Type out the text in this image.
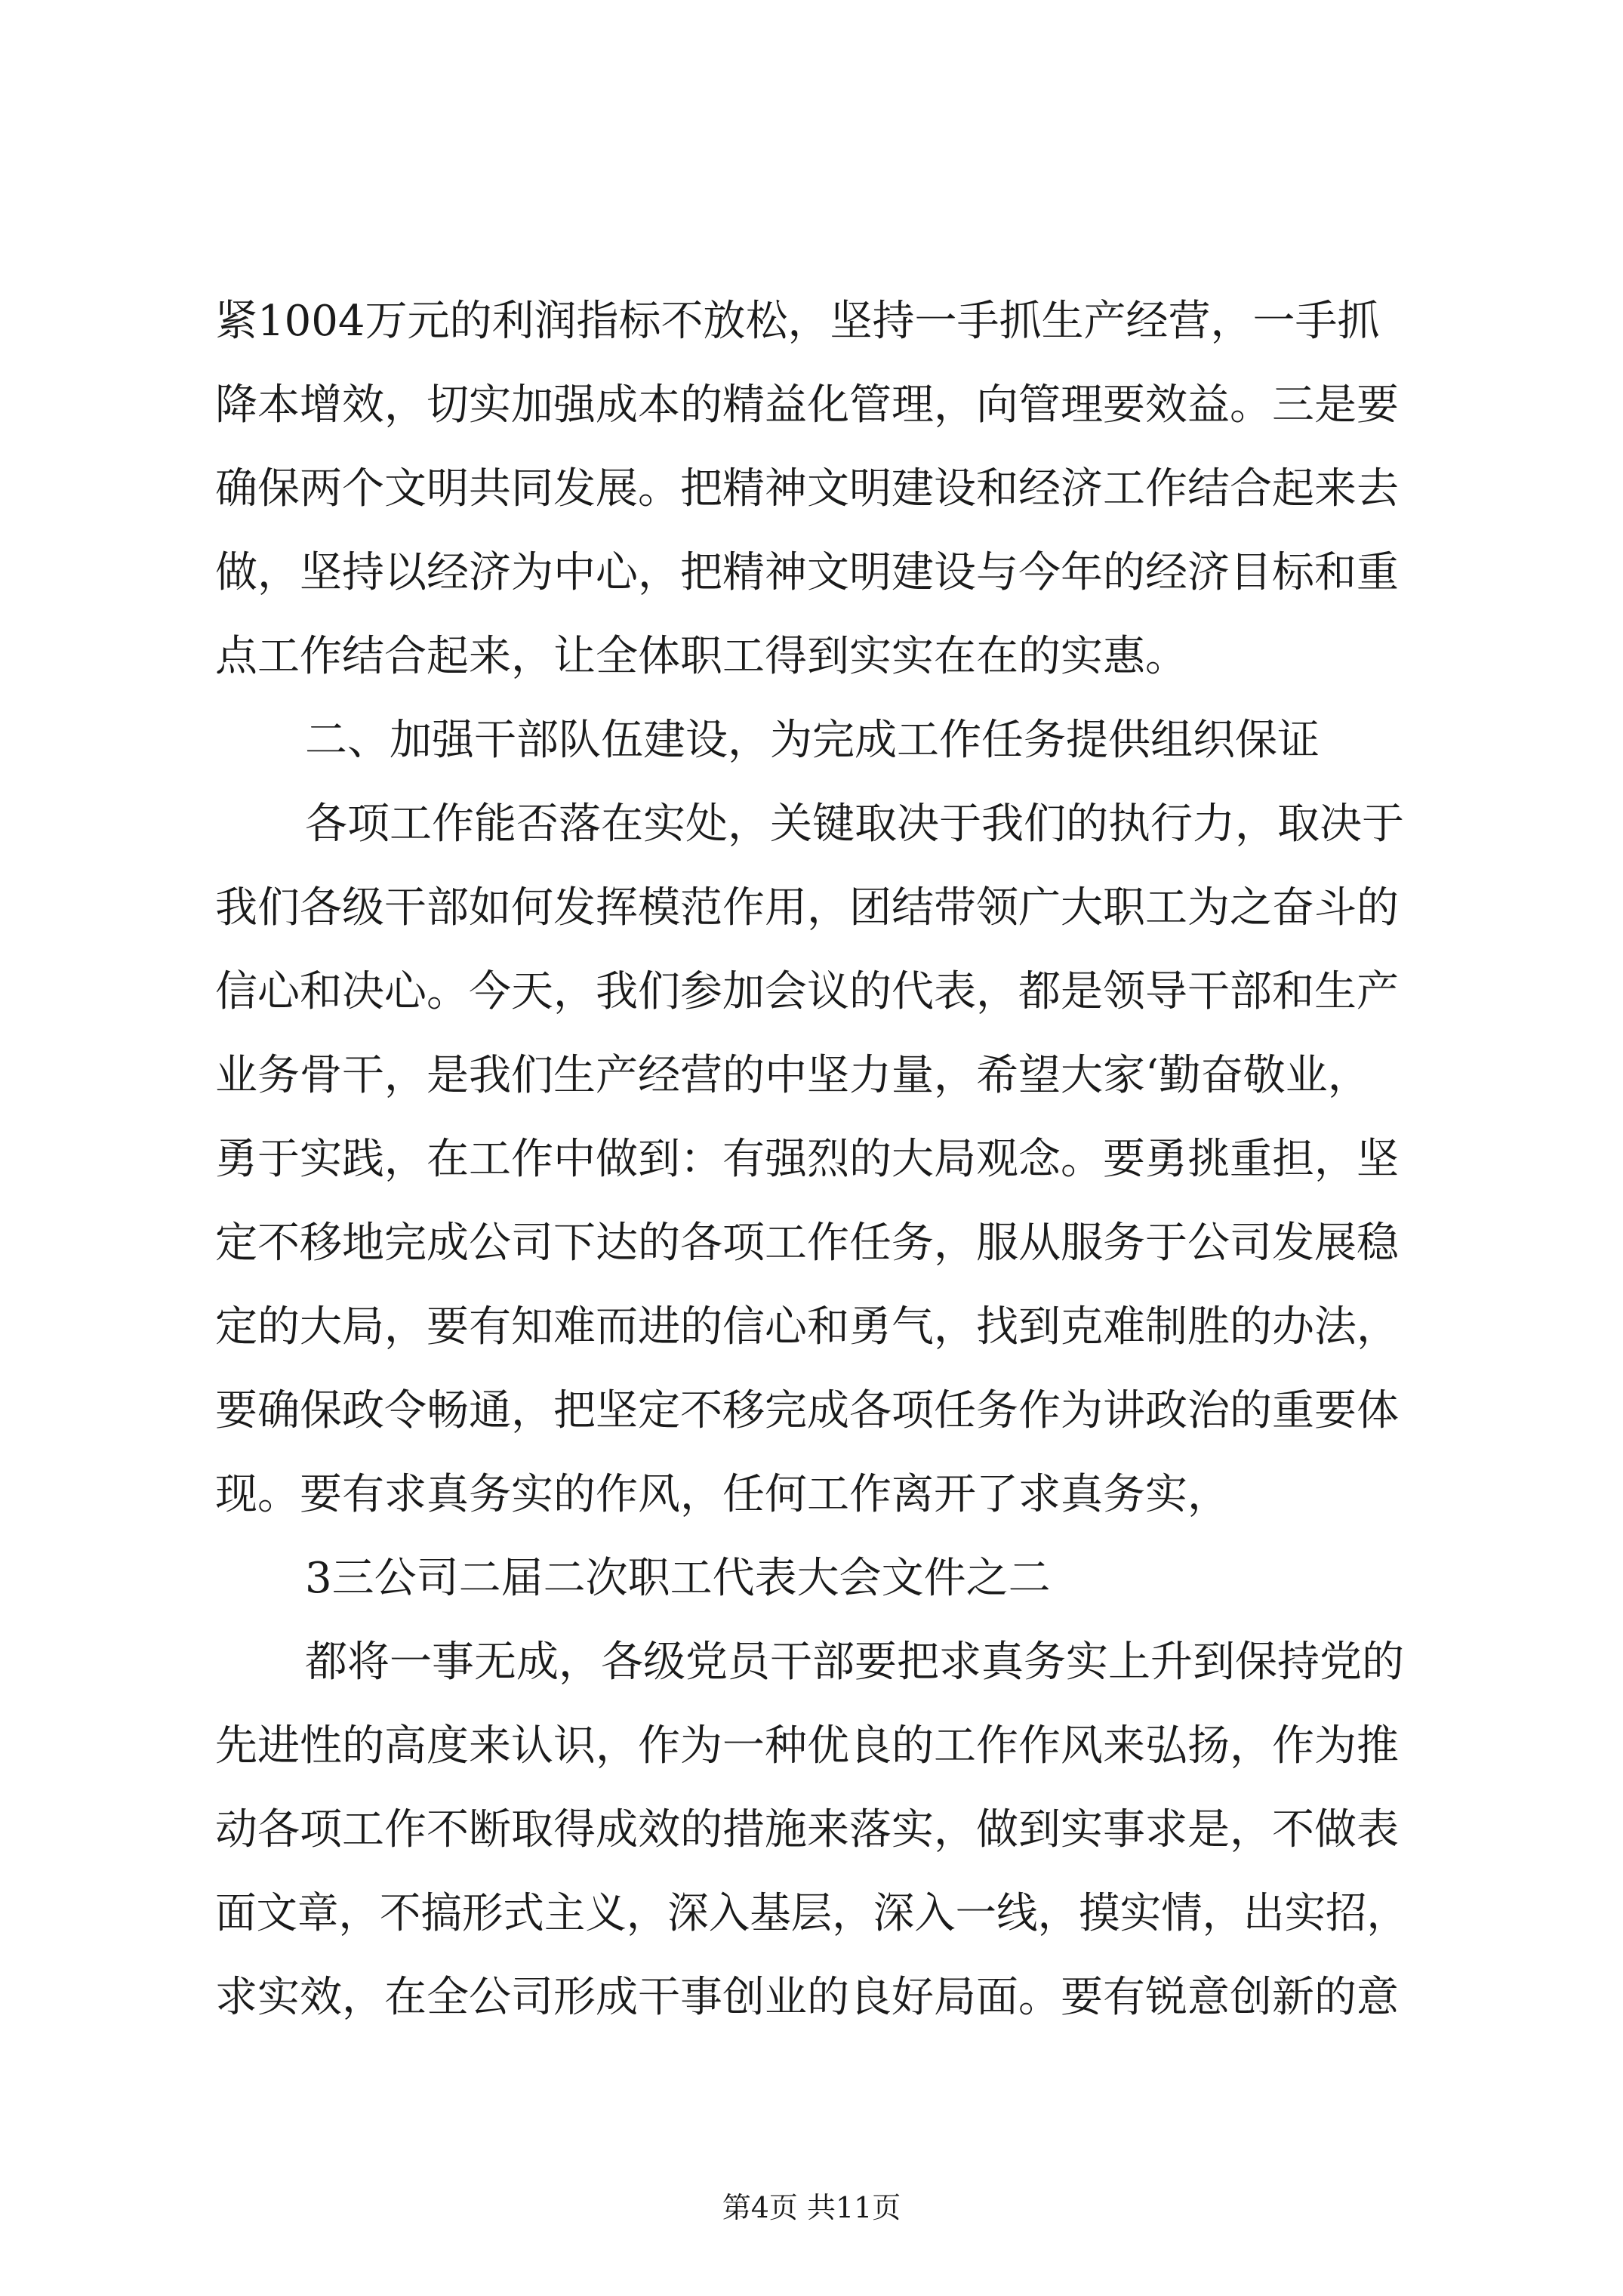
紧1004万元的利润指标不放松，坚持一手抓生产经营，一手抓
降本增效，切实加强成本的精益化管理，向管理要效益。三是要
确保两个文明共同发展。把精神文明建设和经济工作结合起来去
做，坚持以经济为中心，把精神文明建设与今年的经济目标和重
点工作结合起来，让全体职工得到实实在在的实惠。
二、加强干部队伍建设，为完成工作任务提供组织保证
各项工作能否落在实处，关键取决于我们的执行力，取决于
我们各级干部如何发挥模范作用，团结带领广大职工为之奋斗的
信心和决心。今天，我们参加会议的代表，都是领导干部和生产
业务骨干，是我们生产经营的中坚力量，希望大家‘勤奋敬业，
勇于实践，在工作中做到：有强烈的大局观念。要勇挑重担，坚
定不移地完成公司下达的各项工作任务，服从服务于公司发展稳
定的大局，要有知难而进的信心和勇气，找到克难制胜的办法，
要确保政令畅通，把坚定不移完成各项任务作为讲政治的重要体
现。要有求真务实的作风，任何工作离开了求真务实，
3三公司二届二次职工代表大会文件之二
都将一事无成，各级党员干部要把求真务实上升到保持党的
先进性的高度来认识，作为一种优良的工作作风来弘扬，作为推
动各项工作不断取得成效的措施来落实，做到实事求是，不做表
面文章，不搞形式主义，深入基层，深入一线，摸实情，出实招，
求实效，在全公司形成干事创业的良好局面。要有锐意创新的意
第4页 共11页
